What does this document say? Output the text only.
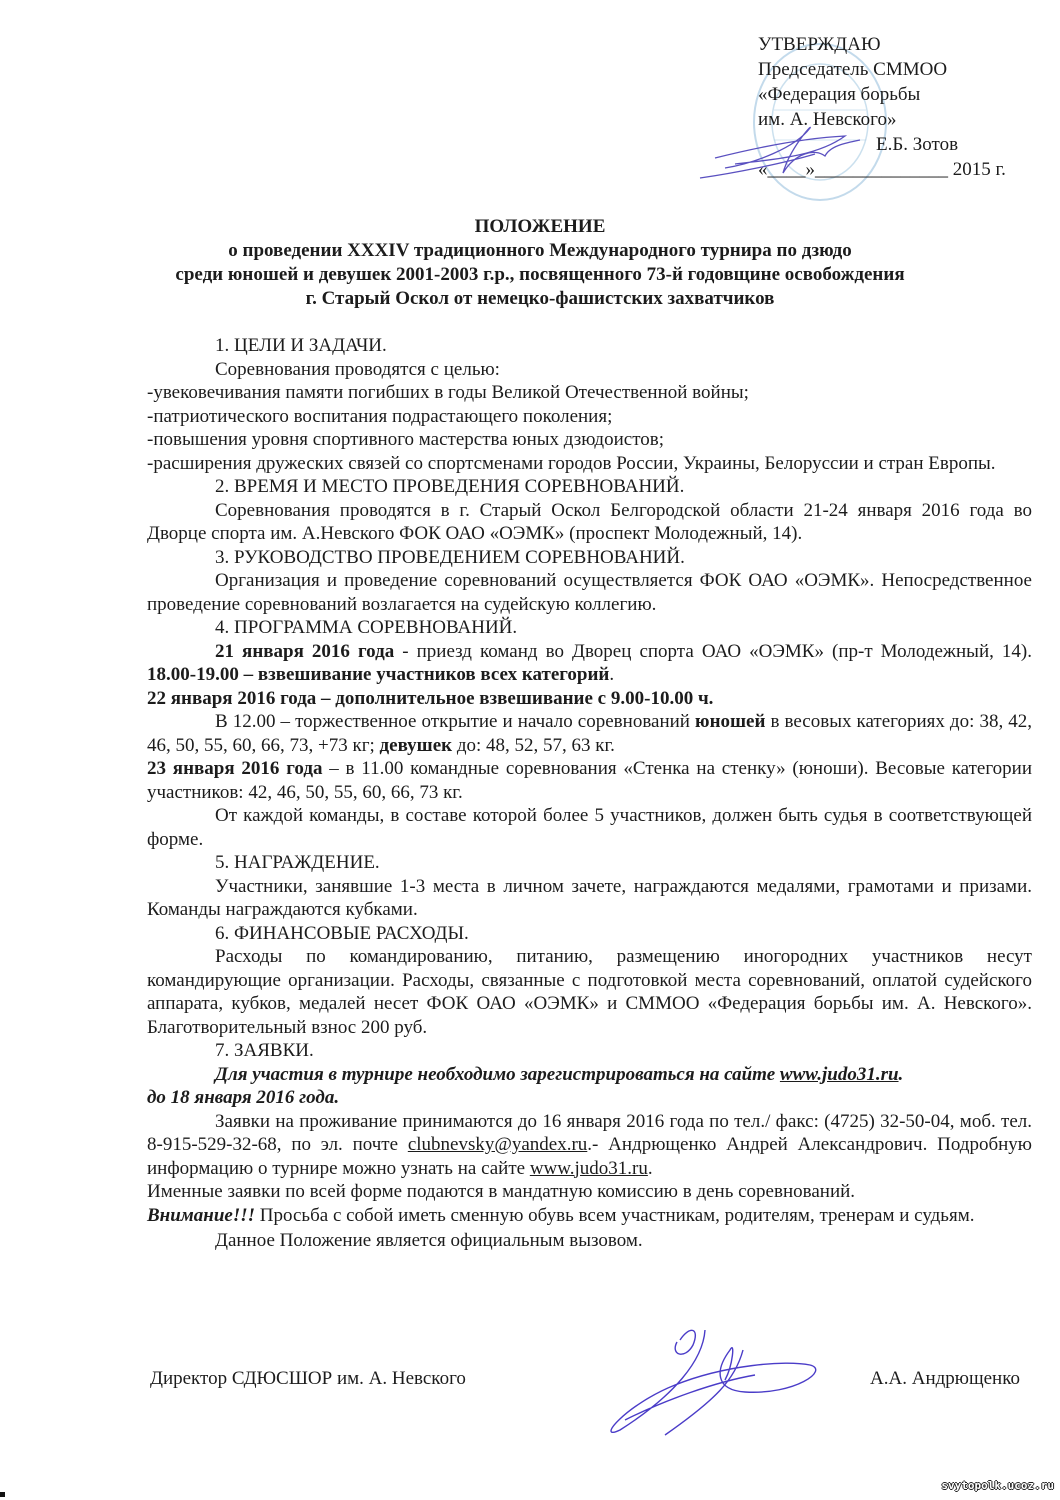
УТВЕРЖДАЮ
Председатель СММОО
«Федерация борьбы
им. А. Невского»
Е.Б. Зотов
«____»______________ 2015 г.
ПОЛОЖЕНИЕ
о проведении XXXIV традиционного Международного турнира по дзюдо
среди юношей и девушек 2001-2003 г.р., посвященного 73-й годовщине освобождения
г. Старый Оскол от немецко-фашистских захватчиков

1. ЦЕЛИ И ЗАДАЧИ.

Соревнования проводятся с целью:

-увековечивания памяти погибших в годы Великой Отечественной войны;

-патриотического воспитания подрастающего поколения;

-повышения уровня спортивного мастерства юных дзюдоистов;

-расширения дружеских связей со спортсменами городов России, Украины, Белоруссии и стран Европы.

2. ВРЕМЯ И МЕСТО ПРОВЕДЕНИЯ СОРЕВНОВАНИЙ.

Соревнования проводятся в г. Старый Оскол Белгородской области 21-24 января 2016 года во Дворце спорта им. А.Невского ФОК ОАО «ОЭМК» (проспект Молодежный, 14).

3. РУКОВОДСТВО ПРОВЕДЕНИЕМ СОРЕВНОВАНИЙ.

Организация и проведение соревнований осуществляется ФОК ОАО «ОЭМК». Непосредственное проведение соревнований возлагается на судейскую коллегию.

4. ПРОГРАММА СОРЕВНОВАНИЙ.

21 января 2016 года - приезд команд во Дворец спорта ОАО «ОЭМК» (пр-т Молодежный, 14). 18.00-19.00 – взвешивание участников всех категорий.

22 января 2016 года – дополнительное взвешивание с 9.00-10.00 ч.

В 12.00 – торжественное открытие и начало соревнований юношей в весовых категориях до: 38, 42, 46, 50, 55, 60, 66, 73, +73 кг; девушек до: 48, 52, 57, 63 кг.

23 января 2016 года – в 11.00 командные соревнования «Стенка на стенку» (юноши). Весовые категории участников: 42, 46, 50, 55, 60, 66, 73 кг.

От каждой команды, в составе которой более 5 участников, должен быть судья в соответствующей форме.

5. НАГРАЖДЕНИЕ.

Участники, занявшие 1-3 места в личном зачете, награждаются медалями, грамотами и призами. Команды награждаются кубками.

6. ФИНАНСОВЫЕ РАСХОДЫ.

Расходы по командированию, питанию, размещению иногородних участников несут командирующие организации. Расходы, связанные с подготовкой места соревнований, оплатой судейского аппарата, кубков, медалей несет ФОК ОАО «ОЭМК» и СММОО «Федерация борьбы им. А. Невского». Благотворительный взнос 200 руб.

7. ЗАЯВКИ.

Для участия в турнире необходимо зарегистрироваться на сайте www.judo31.ru.

до 18 января 2016 года.

Заявки на проживание принимаются до 16 января 2016 года по тел./ факс: (4725) 32-50-04, моб. тел. 8-915-529-32-68, по эл. почте clubnevsky@yandex.ru.- Андрющенко Андрей Александрович. Подробную информацию о турнире можно узнать на сайте www.judo31.ru.

Именные заявки по всей форме подаются в мандатную комиссию в день соревнований.

Внимание!!! Просьба с собой иметь сменную обувь всем участникам, родителям, тренерам и судьям.

Данное Положение является официальным вызовом.

Директор СДЮСШОР им. А. Невского	А.А. Андрющенко
svytopolk.ucoz.ru
